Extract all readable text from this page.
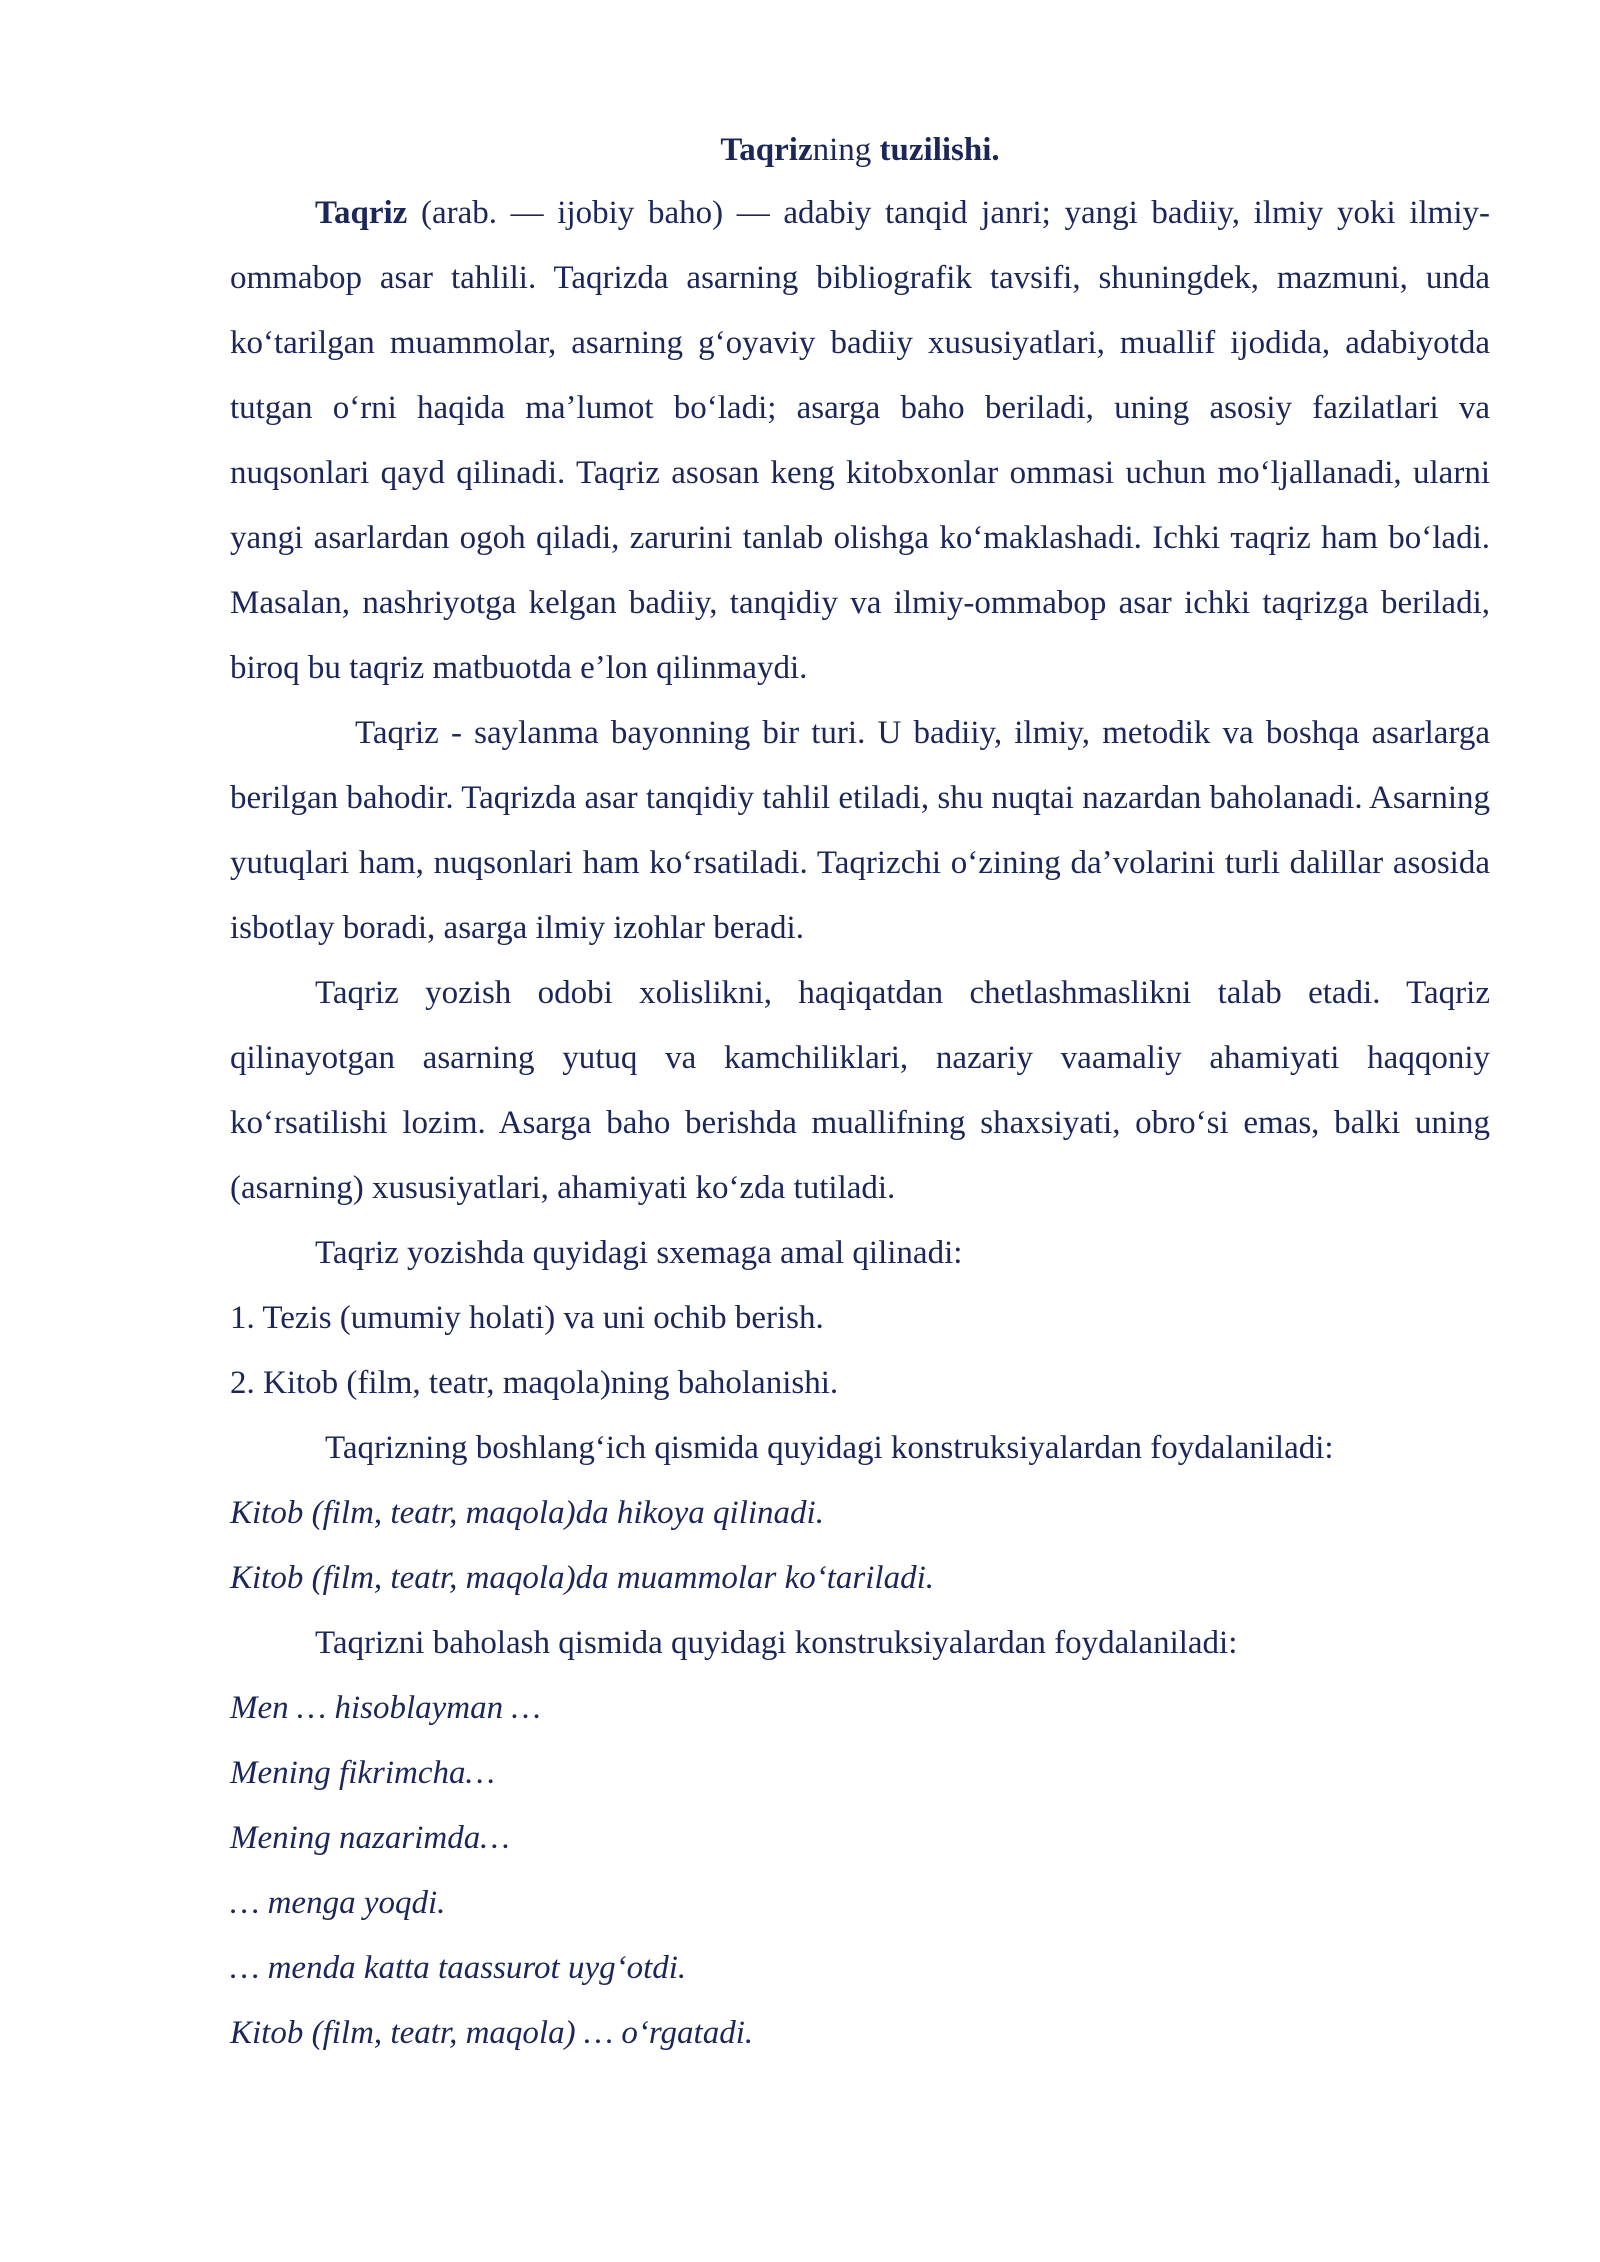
Taqrizning tuzilishi.

Taqriz (arab. — ijobiy baho) — adabiy tanqid janri; yangi badiiy, ilmiy yoki ilmiy-ommabop asar tahlili. Taqrizda asarning bibliografik tavsifi, shuningdek, mazmuni, unda koʻtarilgan muammolar, asarning gʻoyaviy badiiy xususiyatlari, muallif ijodida, adabiyotda tutgan oʻrni haqida maʼlumot boʻladi; asarga baho beriladi, uning asosiy fazilatlari va nuqsonlari qayd qilinadi. Taqriz asosan keng kitobxonlar ommasi uchun moʻljallanadi, ularni yangi asarlardan ogoh qiladi, zarurini tanlab olishga koʻmaklashadi. Ichki тaqriz ham boʻladi. Masalan, nashriyotga kelgan badiiy, tanqidiy va ilmiy-ommabop asar ichki taqrizga beriladi, biroq bu taqriz matbuotda eʼlon qilinmaydi.

Taqriz - saylanma bayonning bir turi. U badiiy, ilmiy, metodik va boshqa asarlarga berilgan bahodir. Taqrizda asar tanqidiy tahlil etiladi, shu nuqtai nazardan baholanadi. Asarning yutuqlari ham, nuqsonlari ham koʻrsatiladi. Taqrizchi oʻzining daʼvolarini turli dalillar asosida isbotlay boradi, asarga ilmiy izohlar beradi.

Taqriz yozish odobi xolislikni, haqiqatdan chetlashmaslikni talab etadi. Taqriz qilinayotgan asarning yutuq va kamchiliklari, nazariy vaamaliy ahamiyati haqqoniy koʻrsatilishi lozim. Asarga baho berishda muallifning shaxsiyati, obroʻsi emas, balki uning (asarning) xususiyatlari, ahamiyati koʻzda tutiladi.

Taqriz yozishda quyidagi sxemaga amal qilinadi:

1. Tezis (umumiy holati) va uni ochib berish.
2. Kitob (film, teatr, maqola)ning baholanishi.

Taqrizning boshlangʻich qismida quyidagi konstruksiyalardan foydalaniladi:

Kitob (film, teatr, maqola)da hikoya qilinadi.
Kitob (film, teatr, maqola)da muammolar koʻtariladi.

Taqrizni baholash qismida quyidagi konstruksiyalardan foydalaniladi:

Men … hisoblayman …
Mening fikrimcha…
Mening nazarimda…
… menga yoqdi.
… menda katta taassurot uygʻotdi.
Kitob (film, teatr, maqola) … oʻrgatadi.
